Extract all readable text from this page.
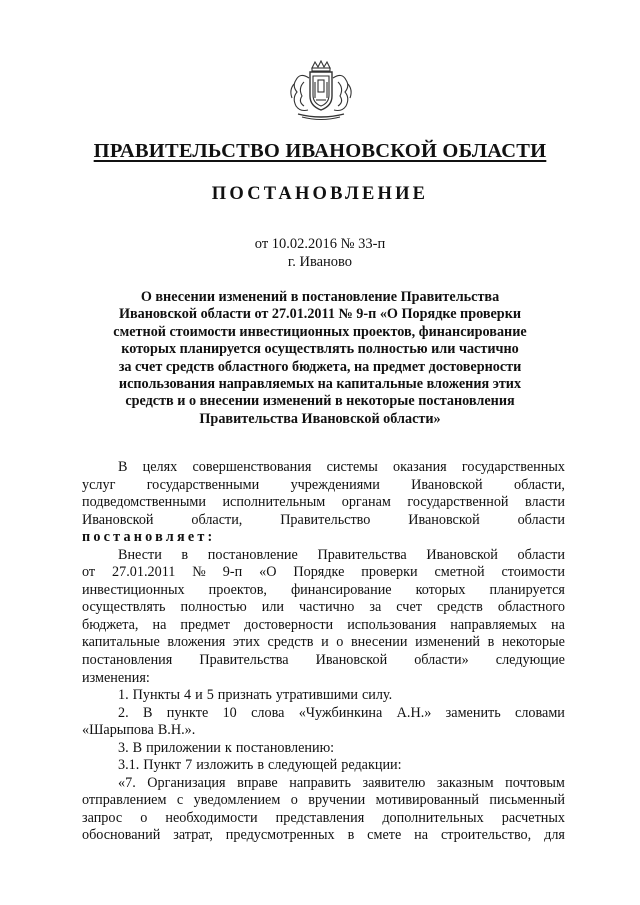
ПРАВИТЕЛЬСТВО ИВАНОВСКОЙ ОБЛАСТИ
ПОСТАНОВЛЕНИЕ
от 10.02.2016 № 33-п
г. Иваново
О внесении изменений в постановление Правительства
Ивановской области от 27.01.2011 № 9-п «О Порядке проверки
сметной стоимости инвестиционных проектов, финансирование
которых планируется осуществлять полностью или частично
за счет средств областного бюджета, на предмет достоверности
использования направляемых на капитальные вложения этих
средств и о внесении изменений в некоторые постановления
Правительства Ивановской области»
В целях совершенствования системы оказания государственных
услуг государственными учреждениями Ивановской области,
подведомственными исполнительным органам государственной власти
Ивановской	области,	Правительство	Ивановской	области
постановляет:
Внести в постановление Правительства Ивановской области
от 27.01.2011 № 9-п «О Порядке проверки сметной стоимости
инвестиционных проектов, финансирование которых планируется
осуществлять полностью или частично за счет средств областного
бюджета, на предмет достоверности использования направляемых на
капитальные вложения этих средств и о внесении изменений в некоторые
постановления Правительства Ивановской области» следующие
изменения:
1. Пункты 4 и 5 признать утратившими силу.
2. В пункте 10 слова «Чужбинкина А.Н.» заменить словами
«Шарыпова В.Н.».
3. В приложении к постановлению:
3.1. Пункт 7 изложить в следующей редакции:
«7. Организация вправе направить заявителю заказным почтовым
отправлением с уведомлением о вручении мотивированный письменный
запрос о необходимости представления дополнительных расчетных
обоснований затрат, предусмотренных в смете на строительство, для
